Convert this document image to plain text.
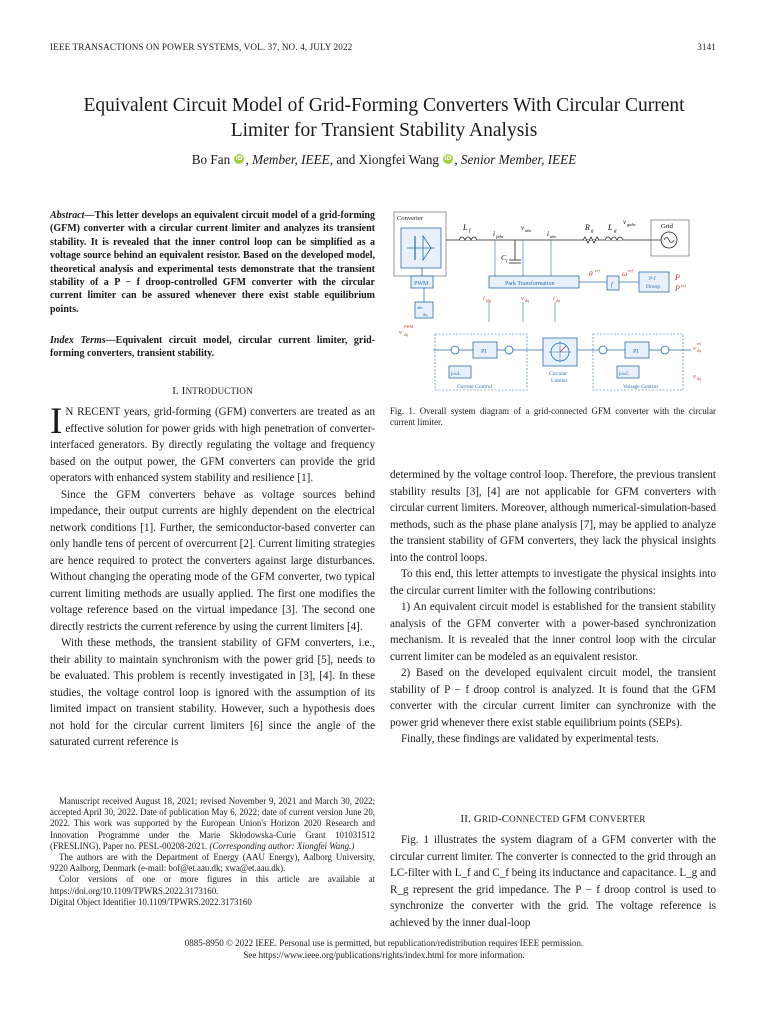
IEEE TRANSACTIONS ON POWER SYSTEMS, VOL. 37, NO. 4, JULY 2022	3141
Equivalent Circuit Model of Grid-Forming Converters With Circular Current
Limiter for Transient Stability Analysis
Bo Fan iD , Member, IEEE, and Xiongfei Wang iD , Senior Member, IEEE
Abstract—This letter develops an equivalent circuit model of a grid-forming (GFM) converter with a circular current limiter and analyzes its transient stability. It is revealed that the inner control loop can be simplified as a voltage source behind an equivalent resistor. Based on the developed model, theoretical analysis and experimental tests demonstrate that the transient stability of a P − f droop-controlled GFM converter with the circular current limiter can be assured whenever there exist stable equilibrium points.
Index Terms—Equivalent circuit model, circular current limiter, grid-forming converters, transient stability.
I. INTRODUCTION

I N RECENT years, grid-forming (GFM) converters are treated as an effective solution for power grids with high penetration of converter-interfaced generators. By directly regulating the voltage and frequency based on the output power, the GFM converters can provide the grid operators with enhanced system stability and resilience [1].

Since the GFM converters behave as voltage sources behind impedance, their output currents are highly dependent on the electrical network conditions [1]. Further, the semiconductor-based converter can only handle tens of percent of overcurrent [2]. Current limiting strategies are hence required to protect the converters against large disturbances. Without changing the operating mode of the GFM converter, two typical current limiting methods are usually applied. The first one modifies the voltage reference based on the virtual impedance [3]. The second one directly restricts the current reference by using the current limiters [4].

With these methods, the transient stability of GFM converters, i.e., their ability to maintain synchronism with the power grid [5], needs to be evaluated. This problem is recently investigated in [3], [4]. In these studies, the voltage control loop is ignored with the assumption of its limited impact on transient stability. However, such a hypothesis does not hold for the circular current limiters [6] since the angle of the saturated current reference is

Manuscript received August 18, 2021; revised November 9, 2021 and March 30, 2022; accepted April 30, 2022. Date of publication May 6, 2022; date of current version June 20, 2022. This work was supported by the European Union's Horizon 2020 Research and Innovation Programme under the Marie Skłodowska-Curie Grant 101031512 (FRESLING). Paper no. PESL-00208-2021. (Corresponding author: Xiongfei Wang.)

The authors are with the Department of Energy (AAU Energy), Aalborg University, 9220 Aalborg, Denmark (e-mail: bof@et.aau.dk; xwa@et.aau.dk).

Color versions of one or more figures in this article are available at https://doi.org/10.1109/TPWRS.2022.3173160.

Digital Object Identifier 10.1109/TPWRS.2022.3173160

Converter
L f	i fabc
C f
v abc i abc
R g L g
v gabc	Grid
PWM	Park Transformation	f
θ ref	ω ref
P-f
Droop
P
P ref
i fdq	v dq	i dq
abc
dq
v
PWM
dq
PI
jω0L
Current Control
Circular
Limiter
PI
jω0C
Voltage Control
v
ref
dq
v dq
Fig. 1. Overall system diagram of a grid-connected GFM converter with the circular current limiter.

determined by the voltage control loop. Therefore, the previous transient stability results [3], [4] are not applicable for GFM converters with circular current limiters. Moreover, although numerical-simulation-based methods, such as the phase plane analysis [7], may be applied to analyze the transient stability of GFM converters, they lack the physical insights into the control loops.

To this end, this letter attempts to investigate the physical insights into the circular current limiter with the following contributions:

1) An equivalent circuit model is established for the transient stability analysis of the GFM converter with a power-based synchronization mechanism. It is revealed that the inner control loop with the circular current limiter can be modeled as an equivalent resistor.

2) Based on the developed equivalent circuit model, the transient stability of P − f droop control is analyzed. It is found that the GFM converter with the circular current limiter can synchronize with the power grid whenever there exist stable equilibrium points (SEPs).

Finally, these findings are validated by experimental tests.

II. GRID-CONNECTED GFM CONVERTER

Fig. 1 illustrates the system diagram of a GFM converter with the circular current limiter. The converter is connected to the grid through an LC-filter with L_f and C_f being its inductance and capacitance. L_g and R_g represent the grid impedance. The P − f droop control is used to synchronize the converter with the grid. The voltage reference is achieved by the inner dual-loop

0885-8950 © 2022 IEEE. Personal use is permitted, but republication/redistribution requires IEEE permission.
See https://www.ieee.org/publications/rights/index.html for more information.
